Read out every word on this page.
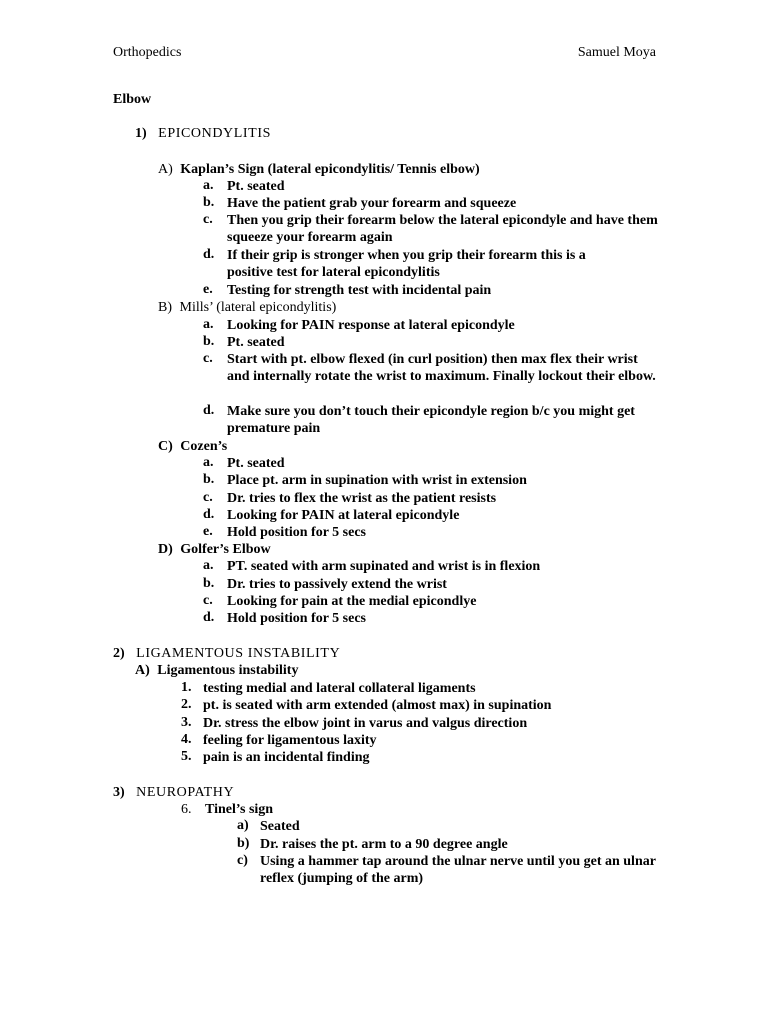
Orthopedics	Samuel Moya
Elbow
1) EPICONDYLITIS
A) Kaplan’s Sign (lateral epicondylitis/ Tennis elbow)
a. Pt. seated
b. Have the patient grab your forearm and squeeze
c. Then you grip their forearm below the lateral epicondyle and have them squeeze your forearm again
d. If their grip is stronger when you grip their forearm this is a positive test for lateral epicondylitis
e. Testing for strength test with incidental pain
B) Mills’ (lateral epicondylitis)
a. Looking for PAIN response at lateral epicondyle
b. Pt. seated
c. Start with pt. elbow flexed (in curl position) then max flex their wrist and internally rotate the wrist to maximum. Finally lockout their elbow.
d. Make sure you don’t touch their epicondyle region b/c you might get premature pain
C) Cozen’s
a. Pt. seated
b. Place pt. arm in supination with wrist in extension
c. Dr. tries to flex the wrist as the patient resists
d. Looking for PAIN at lateral epicondyle
e. Hold position for 5 secs
D) Golfer’s Elbow
a. PT. seated with arm supinated and wrist is in flexion
b. Dr. tries to passively extend the wrist
c. Looking for pain at the medial epicondlye
d. Hold position for 5 secs
2) LIGAMENTOUS INSTABILITY
A) Ligamentous instability
1. testing medial and lateral collateral ligaments
2. pt. is seated with arm extended (almost max) in supination
3. Dr. stress the elbow joint in varus and valgus direction
4. feeling for ligamentous laxity
5. pain is an incidental finding
3) NEUROPATHY
6. Tinel’s sign
a) Seated
b) Dr. raises the pt. arm to a 90 degree angle
c) Using a hammer tap around the ulnar nerve until you get an ulnar reflex (jumping of the arm)
